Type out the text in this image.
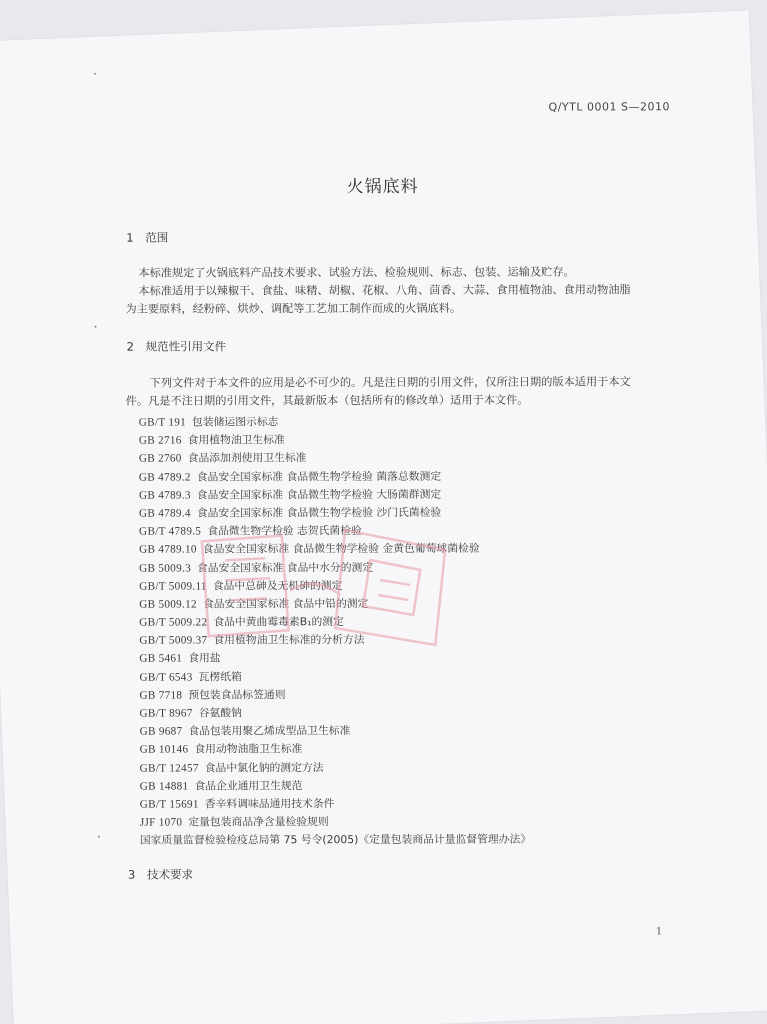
Q/YTL 0001 S—2010
火锅底料
1 范围
本标准规定了火锅底料产品技术要求、试验方法、检验规则、标志、包装、运输及贮存。
本标准适用于以辣椒干、食盐、味精、胡椒、花椒、八角、茴香、大蒜、食用植物油、食用动物油脂
为主要原料，经粉碎、烘炒、调配等工艺加工制作而成的火锅底料。
2 规范性引用文件
下列文件对于本文件的应用是必不可少的。凡是注日期的引用文件，仅所注日期的版本适用于本文
件。凡是不注日期的引用文件，其最新版本（包括所有的修改单）适用于本文件。
GB/T 191 包装储运图示标志
GB 2716 食用植物油卫生标准
GB 2760 食品添加剂使用卫生标准
GB 4789.2 食品安全国家标准 食品微生物学检验 菌落总数测定
GB 4789.3 食品安全国家标准 食品微生物学检验 大肠菌群测定
GB 4789.4 食品安全国家标准 食品微生物学检验 沙门氏菌检验
GB/T 4789.5 食品微生物学检验 志贺氏菌检验
GB 4789.10 食品安全国家标准 食品微生物学检验 金黄色葡萄球菌检验
GB 5009.3 食品安全国家标准 食品中水分的测定
GB/T 5009.11 食品中总砷及无机砷的测定
GB 5009.12 食品安全国家标准 食品中铅的测定
GB/T 5009.22 食品中黄曲霉毒素B₁的测定
GB/T 5009.37 食用植物油卫生标准的分析方法
GB 5461 食用盐
GB/T 6543 瓦楞纸箱
GB 7718 预包装食品标签通则
GB/T 8967 谷氨酸钠
GB 9687 食品包装用聚乙烯成型品卫生标准
GB 10146 食用动物油脂卫生标准
GB/T 12457 食品中氯化钠的测定方法
GB 14881 食品企业通用卫生规范
GB/T 15691 香辛料调味品通用技术条件
JJF 1070 定量包装商品净含量检验规则
国家质量监督检验检疫总局第 75 号令(2005)《定量包装商品计量监督管理办法》
3 技术要求
1
